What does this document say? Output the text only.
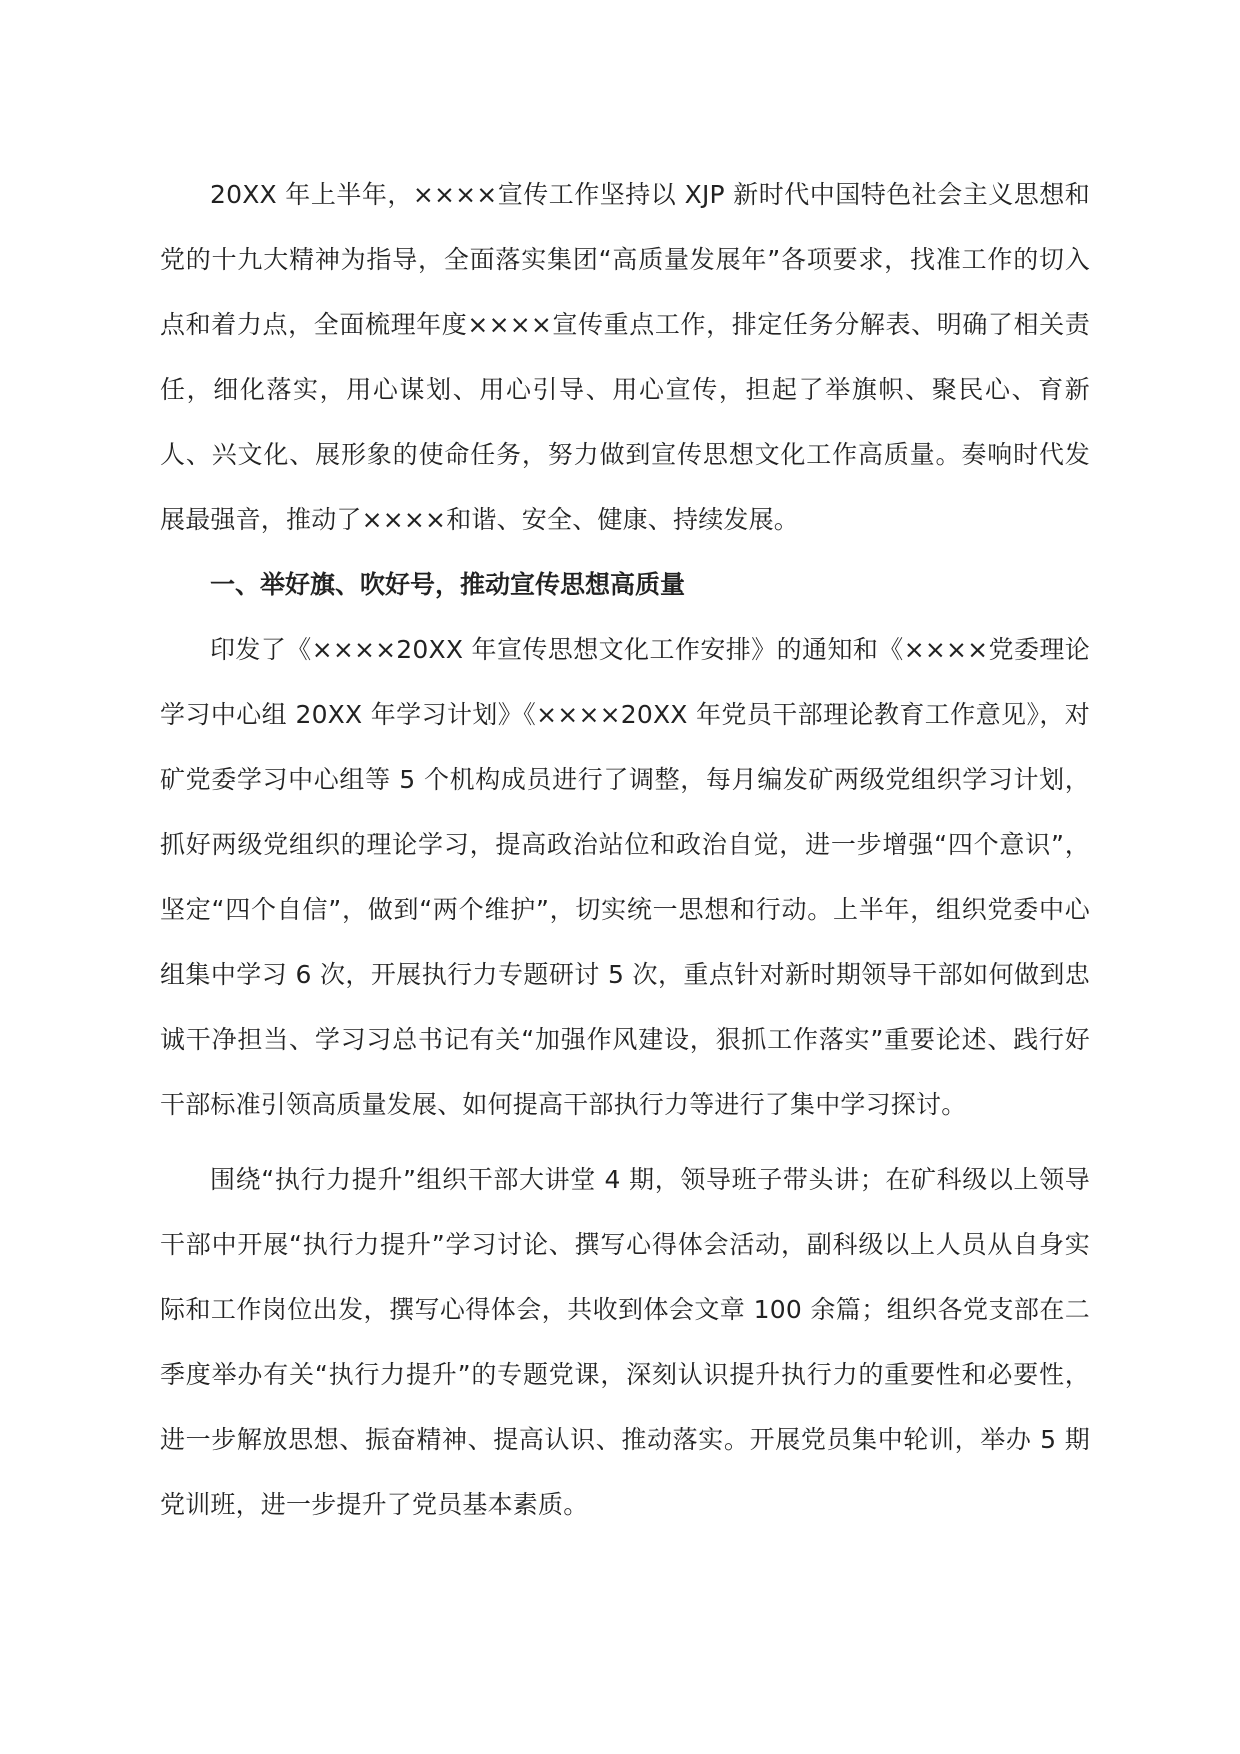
20XX 年上半年，××××宣传工作坚持以 XJP 新时代中国特色社会主义思想和党的十九大精神为指导，全面落实集团“高质量发展年”各项要求，找准工作的切入点和着力点，全面梳理年度××××宣传重点工作，排定任务分解表、明确了相关责任，细化落实，用心谋划、用心引导、用心宣传，担起了举旗帜、聚民心、育新人、兴文化、展形象的使命任务，努力做到宣传思想文化工作高质量。奏响时代发展最强音，推动了××××和谐、安全、健康、持续发展。

一、举好旗、吹好号，推动宣传思想高质量

印发了《××××20XX 年宣传思想文化工作安排》的通知和《××××党委理论学习中心组 20XX 年学习计划》《××××20XX 年党员干部理论教育工作意见》，对矿党委学习中心组等 5 个机构成员进行了调整，每月编发矿两级党组织学习计划，抓好两级党组织的理论学习，提高政治站位和政治自觉，进一步增强“四个意识”，坚定“四个自信”，做到“两个维护”，切实统一思想和行动。上半年，组织党委中心组集中学习 6 次，开展执行力专题研讨 5 次，重点针对新时期领导干部如何做到忠诚干净担当、学习习总书记有关“加强作风建设，狠抓工作落实”重要论述、践行好干部标准引领高质量发展、如何提高干部执行力等进行了集中学习探讨。

围绕“执行力提升”组织干部大讲堂 4 期，领导班子带头讲；在矿科级以上领导干部中开展“执行力提升”学习讨论、撰写心得体会活动，副科级以上人员从自身实际和工作岗位出发，撰写心得体会，共收到体会文章 100 余篇；组织各党支部在二季度举办有关“执行力提升”的专题党课，深刻认识提升执行力的重要性和必要性，进一步解放思想、振奋精神、提高认识、推动落实。开展党员集中轮训，举办 5 期党训班，进一步提升了党员基本素质。
